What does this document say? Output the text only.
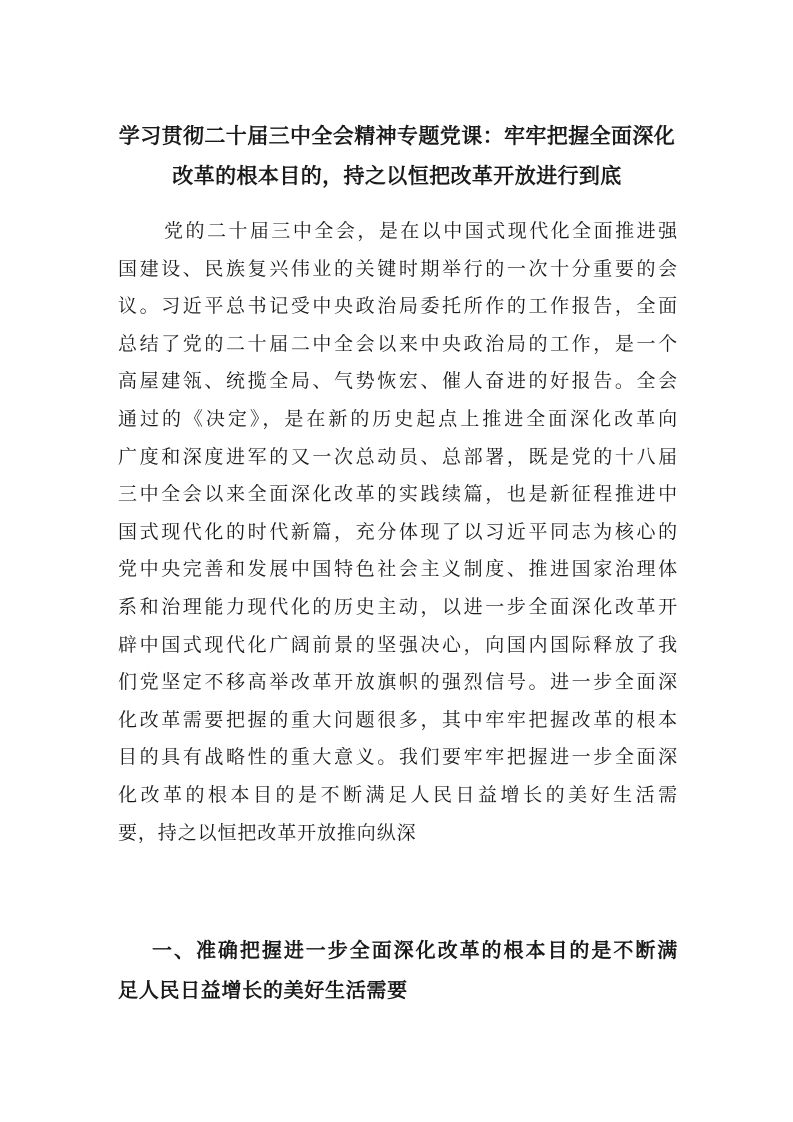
学习贯彻二十届三中全会精神专题党课：牢牢把握全面深化
改革的根本目的，持之以恒把改革开放进行到底
党的二十届三中全会，是在以中国式现代化全面推进强
国建设、民族复兴伟业的关键时期举行的一次十分重要的会
议。习近平总书记受中央政治局委托所作的工作报告，全面
总结了党的二十届二中全会以来中央政治局的工作，是一个
高屋建瓴、统揽全局、气势恢宏、催人奋进的好报告。全会
通过的《决定》，是在新的历史起点上推进全面深化改革向
广度和深度进军的又一次总动员、总部署，既是党的十八届
三中全会以来全面深化改革的实践续篇，也是新征程推进中
国式现代化的时代新篇，充分体现了以习近平同志为核心的
党中央完善和发展中国特色社会主义制度、推进国家治理体
系和治理能力现代化的历史主动，以进一步全面深化改革开
辟中国式现代化广阔前景的坚强决心，向国内国际释放了我
们党坚定不移高举改革开放旗帜的强烈信号。进一步全面深
化改革需要把握的重大问题很多，其中牢牢把握改革的根本
目的具有战略性的重大意义。我们要牢牢把握进一步全面深
化改革的根本目的是不断满足人民日益增长的美好生活需
要，持之以恒把改革开放推向纵深
一、准确把握进一步全面深化改革的根本目的是不断满
足人民日益增长的美好生活需要
